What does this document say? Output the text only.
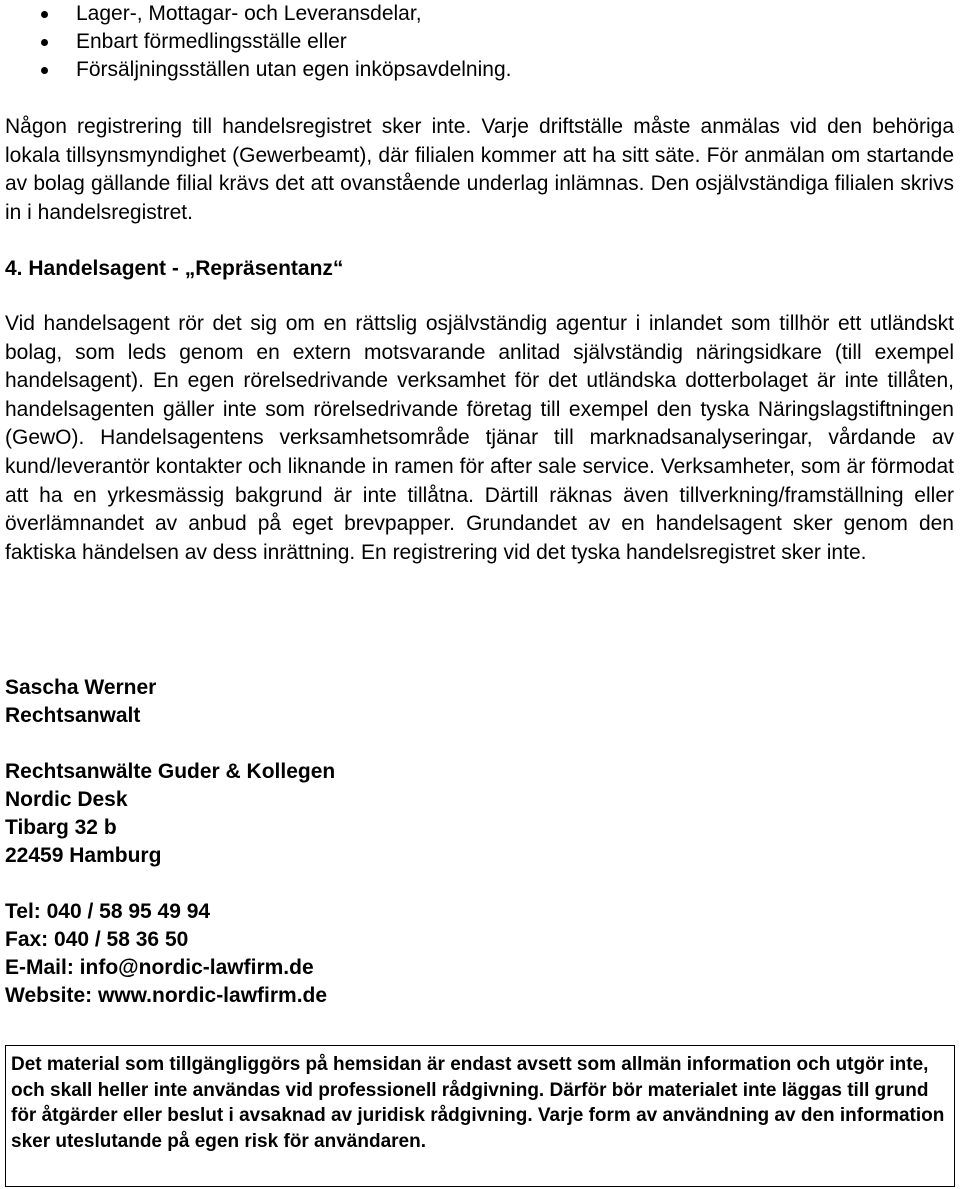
Lager-, Mottagar- och Leveransdelar,
Enbart förmedlingsställe eller
Försäljningsställen utan egen inköpsavdelning.

Någon registrering till handelsregistret sker inte. Varje driftställe måste anmälas vid den behöriga lokala tillsynsmyndighet (Gewerbeamt), där filialen kommer att ha sitt säte. För anmälan om startande av bolag gällande filial krävs det att ovanstående underlag inlämnas. Den osjälvständiga filialen skrivs in i handelsregistret.

4. Handelsagent - „Repräsentanz“

Vid handelsagent rör det sig om en rättslig osjälvständig agentur i inlandet som tillhör ett utländskt bolag, som leds genom en extern motsvarande anlitad självständig näringsidkare (till exempel handelsagent). En egen rörelsedrivande verksamhet för det utländska dotterbolaget är inte tillåten, handelsagenten gäller inte som rörelsedrivande företag till exempel den tyska Näringslagstiftningen (GewO). Handelsagentens verksamhetsområde tjänar till marknadsanalyseringar, vårdande av kund/leverantör kontakter och liknande in ramen för after sale service. Verksamheter, som är förmodat att ha en yrkesmässig bakgrund är inte tillåtna. Därtill räknas även tillverkning/framställning eller överlämnandet av anbud på eget brevpapper. Grundandet av en handelsagent sker genom den faktiska händelsen av dess inrättning. En registrering vid det tyska handelsregistret sker inte.

Sascha Werner
Rechtsanwalt
Rechtsanwälte Guder & Kollegen
Nordic Desk
Tibarg 32 b
22459 Hamburg
Tel: 040 / 58 95 49 94
Fax: 040 / 58 36 50
E-Mail: info@nordic-lawfirm.de
Website: www.nordic-lawfirm.de
Det material som tillgängliggörs på hemsidan är endast avsett som allmän information och utgör inte, och skall heller inte användas vid professionell rådgivning. Därför bör materialet inte läggas till grund för åtgärder eller beslut i avsaknad av juridisk rådgivning. Varje form av användning av den information sker uteslutande på egen risk för användaren.
